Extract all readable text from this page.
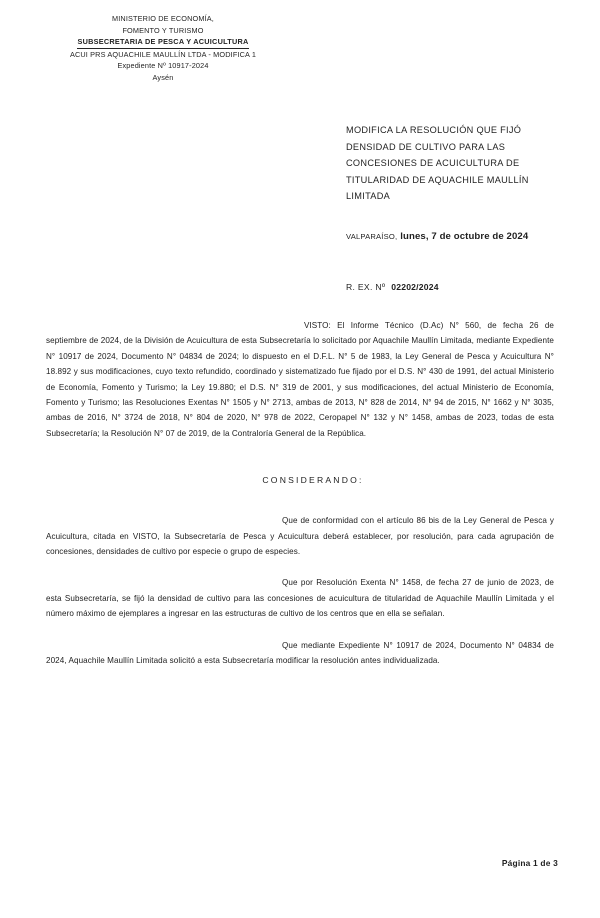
MINISTERIO DE ECONOMÍA,
FOMENTO Y TURISMO
SUBSECRETARIA DE PESCA Y ACUICULTURA
ACUI PRS AQUACHILE MAULLÍN LTDA - MODIFICA 1
Expediente Nº 10917-2024
Aysén
MODIFICA LA RESOLUCIÓN QUE FIJÓ
DENSIDAD DE CULTIVO PARA LAS
CONCESIONES DE ACUICULTURA DE
TITULARIDAD DE AQUACHILE MAULLÍN
LIMITADA
VALPARAÍSO, lunes, 7 de octubre de 2024
R. EX. Nº 02202/2024

VISTO: El Informe Técnico (D.Ac) N° 560, de fecha 26 de septiembre de 2024, de la División de Acuicultura de esta Subsecretaría lo solicitado por Aquachile Maullín Limitada, mediante Expediente N° 10917 de 2024, Documento N° 04834 de 2024; lo dispuesto en el D.F.L. N° 5 de 1983, la Ley General de Pesca y Acuicultura N° 18.892 y sus modificaciones, cuyo texto refundido, coordinado y sistematizado fue fijado por el D.S. N° 430 de 1991, del actual Ministerio de Economía, Fomento y Turismo; la Ley 19.880; el D.S. N° 319 de 2001, y sus modificaciones, del actual Ministerio de Economía, Fomento y Turismo; las Resoluciones Exentas N° 1505 y N° 2713, ambas de 2013, N° 828 de 2014, N° 94 de 2015, N° 1662 y N° 3035, ambas de 2016, N° 3724 de 2018, N° 804 de 2020, N° 978 de 2022, Ceropapel N° 132 y N° 1458, ambas de 2023, todas de esta Subsecretaría; la Resolución N° 07 de 2019, de la Contraloría General de la República.

CONSIDERANDO:

Que de conformidad con el artículo 86 bis de la Ley General de Pesca y Acuicultura, citada en VISTO, la Subsecretaría de Pesca y Acuicultura deberá establecer, por resolución, para cada agrupación de concesiones, densidades de cultivo por especie o grupo de especies.

Que por Resolución Exenta N° 1458, de fecha 27 de junio de 2023, de esta Subsecretaría, se fijó la densidad de cultivo para las concesiones de acuicultura de titularidad de Aquachile Maullín Limitada y el número máximo de ejemplares a ingresar en las estructuras de cultivo de los centros que en ella se señalan.

Que mediante Expediente N° 10917 de 2024, Documento N° 04834 de 2024, Aquachile Maullín Limitada solicitó a esta Subsecretaría modificar la resolución antes individualizada.

Página 1 de 3
